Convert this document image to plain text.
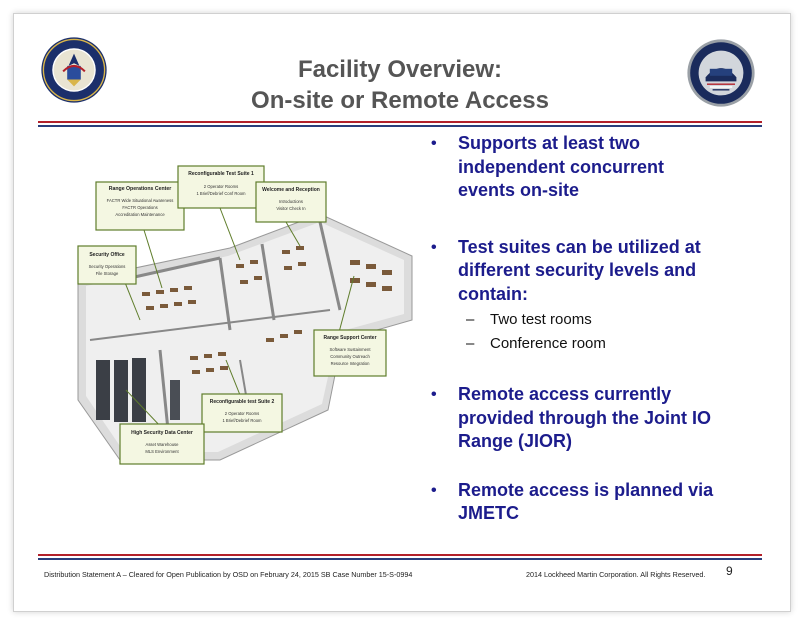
Facility Overview:
On-site or Remote Access
Range Operations Center
FACTR Wide Situational Awareness
FACTR Operations
Accreditation Maintenance
Reconfigurable Test Suite 1
2 Operator Rooms
1 Brief/Debrief Conf Room
Welcome and Reception
Introductions
Visitor Check In
Security Office
Security Operations
File Storage
Range Support Center
Software Sustainment
Community Outreach
Resource Integration
Reconfigurable test Suite 2
2 Operator Rooms
1 Brief/Debrief Room
High Security Data Center
Asset Warehouse
MLS Environment
• Supports at least two
independent concurrent
events on-site
• Test suites can be utilized at
different security levels and
contain:
– Two test rooms
– Conference room
• Remote access currently
provided through the Joint IO
Range (JIOR)
• Remote access is planned via
JMETC
Distribution Statement A – Cleared for Open Publication by OSD on February 24, 2015 SB Case Number 15-S-0994	2014 Lockheed Martin Corporation. All Rights Reserved. 9
